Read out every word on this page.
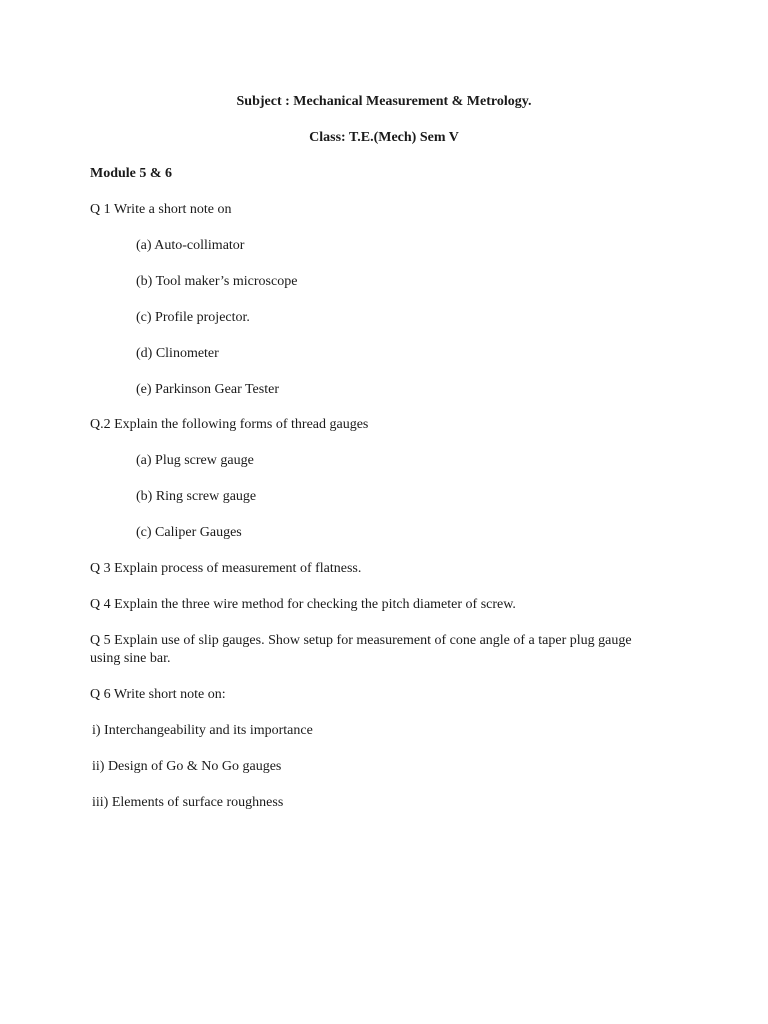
Subject : Mechanical Measurement & Metrology.
Class: T.E.(Mech) Sem V
Module 5 & 6
Q 1 Write a short note on
(a) Auto-collimator
(b) Tool maker’s microscope
(c) Profile projector.
(d) Clinometer
(e) Parkinson Gear Tester
Q.2 Explain the following forms of thread gauges
(a) Plug screw gauge
(b) Ring screw gauge
(c) Caliper Gauges
Q 3 Explain process of measurement of flatness.
Q 4 Explain the three wire method for checking the pitch diameter of screw.
Q 5 Explain use of slip gauges. Show setup for measurement of cone angle of a taper plug gauge
using sine bar.
Q 6 Write short note on:
i) Interchangeability and its importance
ii) Design of Go & No Go gauges
iii) Elements of surface roughness
